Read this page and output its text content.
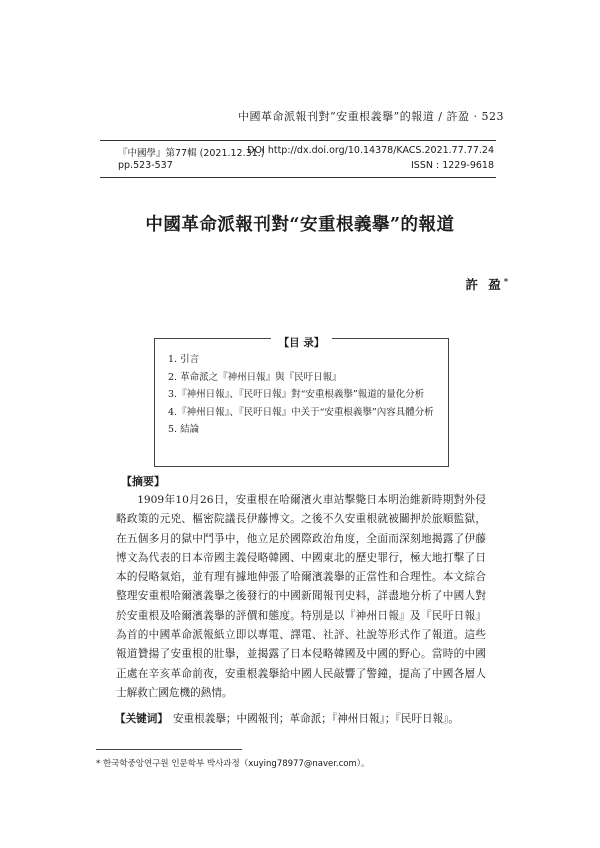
中國革命派報刊對“安重根義擧”的報道 / 許盈 · 523
『中國學』第77輯 (2021.12.31.)
pp.523-537
DOI http://dx.doi.org/10.14378/KACS.2021.77.77.24
ISSN : 1229-9618
中國革命派報刊對“安重根義擧”的報道
許 盈*
【目 录】
1. 引言
2. 革命派之『神州日報』與『民吁日報』
3.『神州日報』、『民吁日報』對“安重根義擧”報道的量化分析
4.『神州日報』、『民吁日報』中关于“安重根義擧”內容具體分析
5. 結論
【摘要】

1909年10月26日，安重根在哈爾濱火車站擊斃日本明治維新時期對外侵略政策的元兇、樞密院議長伊藤博文。之後不久安重根就被關押於旅順監獄，在五個多月的獄中鬥爭中，他立足於國際政治角度，全面而深刻地揭露了伊藤博文為代表的日本帝國主義侵略韓國、中國東北的歷史罪行，極大地打擊了日本的侵略氣焰，並有理有據地伸張了哈爾濱義擧的正當性和合理性。本文綜合整理安重根哈爾濱義擧之後發行的中國新聞報刊史料，詳盡地分析了中國人對於安重根及哈爾濱義擧的評價和態度。特別是以『神州日報』及『民吁日報』為首的中國革命派報紙立即以專電、譯電、社評、社說等形式作了報道。這些報道贊揚了安重根的壯擧，並揭露了日本侵略韓國及中國的野心。當時的中國正處在辛亥革命前夜，安重根義擧給中國人民敲響了警鐘，提高了中國各層人士解救亡國危機的熱情。

【关键词】 安重根義擧；中國報刊；革命派；『神州日報』；『民吁日報』。
* 한국학중앙연구원 인문학부 박사과정（xuying78977@naver.com）。
